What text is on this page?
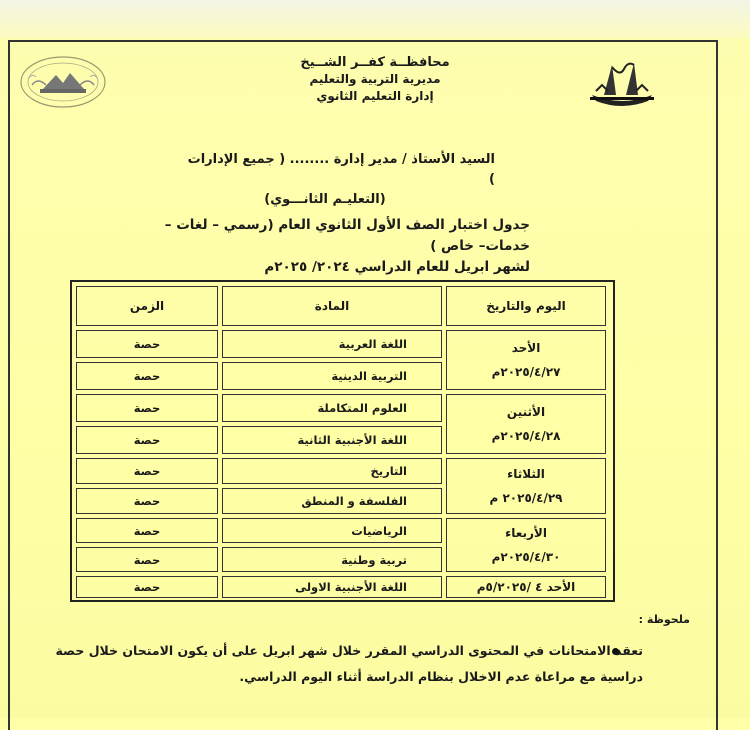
محافظــة كفــر الشــيخ
مديرية التربية والتعليم
إدارة التعليم الثانوي
السيد الأستاذ / مدير إدارة ........ ( جميع الإدارات )
(التعليـم الثانـــوي)
جدول اختبار الصف الأول الثانوي العام (رسمي – لغات – خدمات– خاص )
لشهر ابريل للعام الدراسي ٢٠٢٤/ ٢٠٢٥م
اليوم والتاريخ
المادة
الزمن
الأحد
٢٠٢٥/٤/٢٧م
الأثنين
٢٠٢٥/٤/٢٨م
الثلاثاء
٢٠٢٥/٤/٢٩ م
الأربعاء
٢٠٢٥/٤/٣٠م
الأحد ٤ /٥/٢٠٢٥م
اللغة العربية
حصة
التربية الدينية
حصة
العلوم المتكاملة
حصة
اللغة الأجنبية الثانية
حصة
التاريخ
حصة
الفلسفة و المنطق
حصة
الرياضيات
حصة
تربية وطنية
حصة
اللغة الأجنبية الاولى
حصة
ملحوظة :
تعقد الامتحانات في المحتوى الدراسي المقرر خلال شهر ابريل على أن يكون الامتحان خلال حصة دراسية مع مراعاة عدم الاخلال بنظام الدراسة أثناء اليوم الدراسي.
